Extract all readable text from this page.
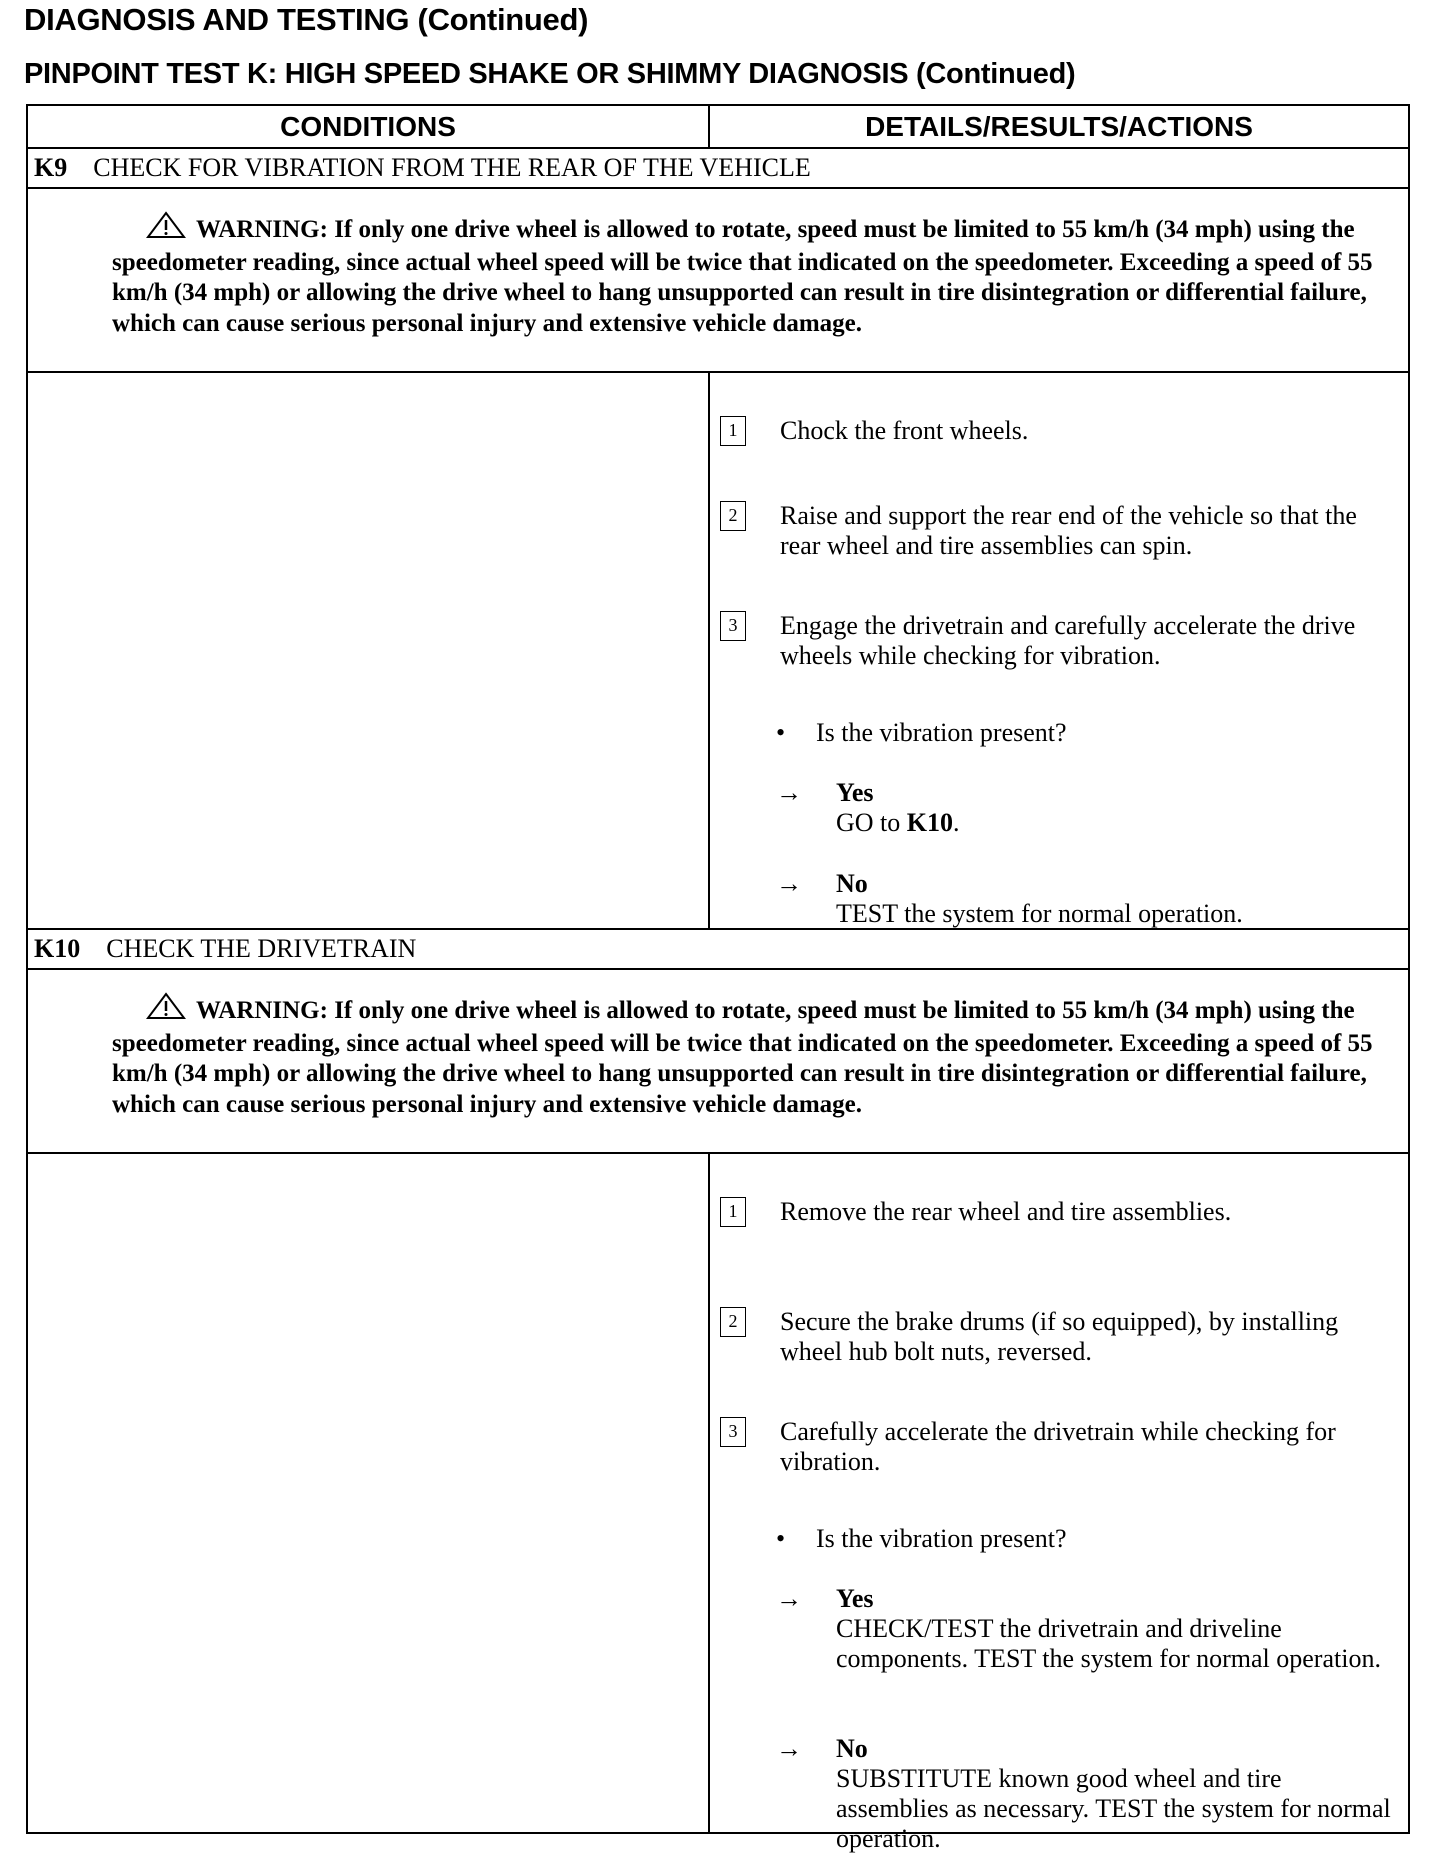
DIAGNOSIS AND TESTING (Continued)
PINPOINT TEST K: HIGH SPEED SHAKE OR SHIMMY DIAGNOSIS (Continued)
CONDITIONS	DETAILS/RESULTS/ACTIONS
K9 CHECK FOR VIBRATION FROM THE REAR OF THE VEHICLE

WARNING: If only one drive wheel is allowed to rotate, speed must be limited to 55 km/h (34 mph) using the speedometer reading, since actual wheel speed will be twice that indicated on the speedometer. Exceeding a speed of 55 km/h (34 mph) or allowing the drive wheel to hang unsupported can result in tire disintegration or differential failure, which can cause serious personal injury and extensive vehicle damage.

1	Chock the front wheels.
2	Raise and support the rear end of the vehicle so that the rear wheel and tire assemblies can spin.
3	Engage the drivetrain and carefully accelerate the drive wheels while checking for vibration.
• Is the vibration present?
→ Yes
GO to K10.
→ No
TEST the system for normal operation.
K10 CHECK THE DRIVETRAIN

WARNING: If only one drive wheel is allowed to rotate, speed must be limited to 55 km/h (34 mph) using the speedometer reading, since actual wheel speed will be twice that indicated on the speedometer. Exceeding a speed of 55 km/h (34 mph) or allowing the drive wheel to hang unsupported can result in tire disintegration or differential failure, which can cause serious personal injury and extensive vehicle damage.

1	Remove the rear wheel and tire assemblies.
2	Secure the brake drums (if so equipped), by installing wheel hub bolt nuts, reversed.
3	Carefully accelerate the drivetrain while checking for vibration.
• Is the vibration present?
→ Yes
CHECK/TEST the drivetrain and driveline components. TEST the system for normal operation.
→ No
SUBSTITUTE known good wheel and tire assemblies as necessary. TEST the system for normal operation.
